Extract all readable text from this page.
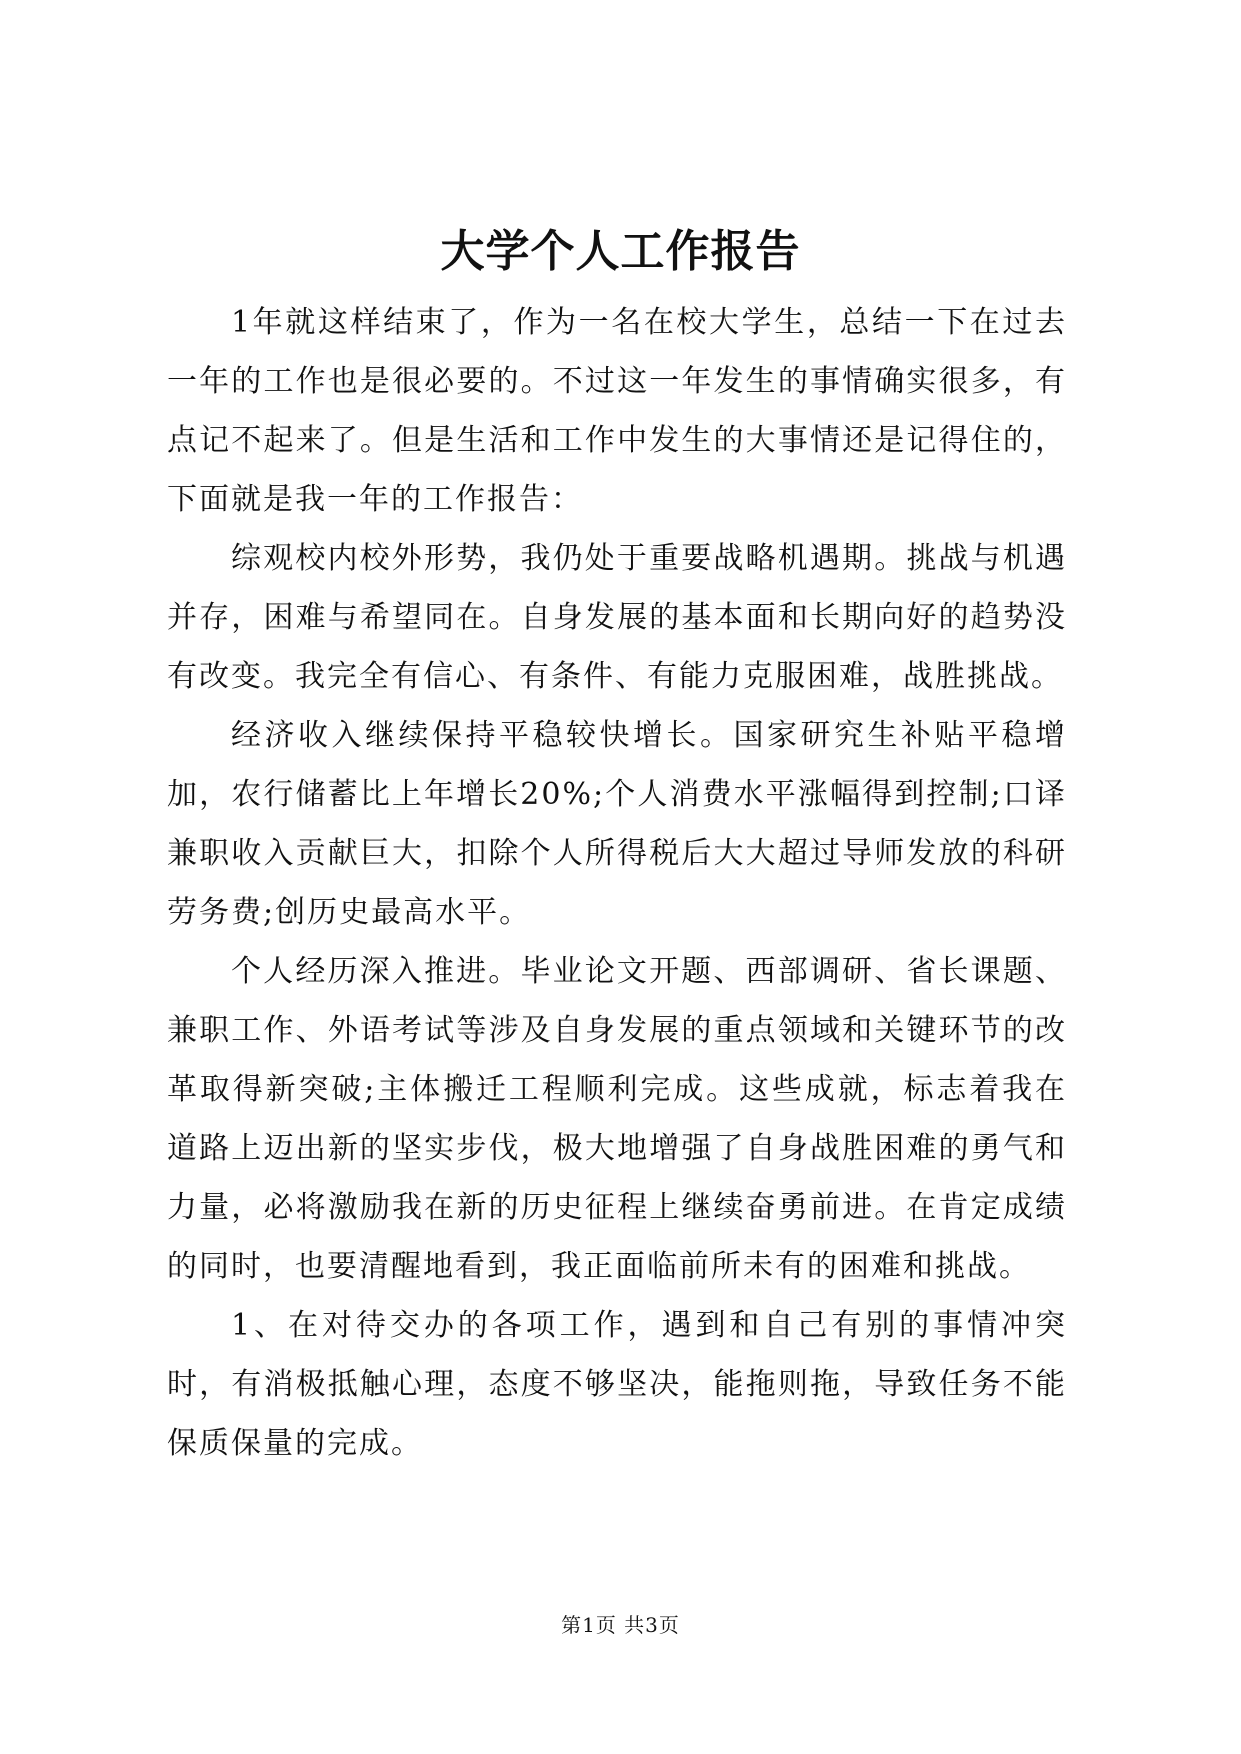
大学个人工作报告

1年就这样结束了，作为一名在校大学生，总结一下在过去一年的工作也是很必要的。不过这一年发生的事情确实很多，有点记不起来了。但是生活和工作中发生的大事情还是记得住的，下面就是我一年的工作报告：

综观校内校外形势，我仍处于重要战略机遇期。挑战与机遇并存，困难与希望同在。自身发展的基本面和长期向好的趋势没有改变。我完全有信心、有条件、有能力克服困难，战胜挑战。

经济收入继续保持平稳较快增长。国家研究生补贴平稳增加，农行储蓄比上年增长20%;个人消费水平涨幅得到控制;口译兼职收入贡献巨大，扣除个人所得税后大大超过导师发放的科研劳务费;创历史最高水平。

个人经历深入推进。毕业论文开题、西部调研、省长课题、兼职工作、外语考试等涉及自身发展的重点领域和关键环节的改革取得新突破;主体搬迁工程顺利完成。这些成就，标志着我在道路上迈出新的坚实步伐，极大地增强了自身战胜困难的勇气和力量，必将激励我在新的历史征程上继续奋勇前进。在肯定成绩的同时，也要清醒地看到，我正面临前所未有的困难和挑战。

1、在对待交办的各项工作，遇到和自己有别的事情冲突时，有消极抵触心理，态度不够坚决，能拖则拖，导致任务不能保质保量的完成。

第1页 共3页
